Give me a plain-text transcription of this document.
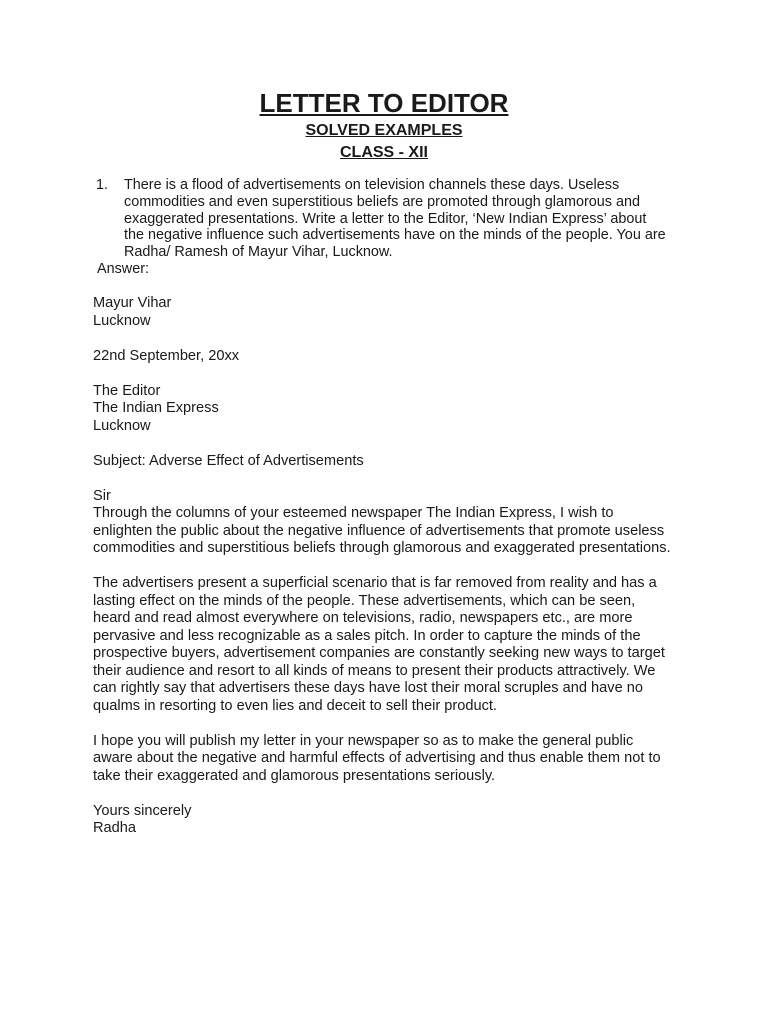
LETTER TO EDITOR

SOLVED EXAMPLES

CLASS - XII

1.	There is a flood of advertisements on television channels these days. Useless commodities and even superstitious beliefs are promoted through glamorous and exaggerated presentations. Write a letter to the Editor, ‘New Indian Express’ about the negative influence such advertisements have on the minds of the people. You are Radha/ Ramesh of Mayur Vihar, Lucknow.
Answer:
Mayur Vihar
Lucknow
22nd September, 20xx
The Editor
The Indian Express
Lucknow
Subject: Adverse Effect of Advertisements
Sir
Through the columns of your esteemed newspaper The Indian Express, I wish to enlighten the public about the negative influence of advertisements that promote useless commodities and superstitious beliefs through glamorous and exaggerated presentations.
The advertisers present a superficial scenario that is far removed from reality and has a lasting effect on the minds of the people. These advertisements, which can be seen, heard and read almost everywhere on televisions, radio, newspapers etc., are more pervasive and less recognizable as a sales pitch. In order to capture the minds of the prospective buyers, advertisement companies are constantly seeking new ways to target their audience and resort to all kinds of means to present their products attractively. We can rightly say that advertisers these days have lost their moral scruples and have no qualms in resorting to even lies and deceit to sell their product.
I hope you will publish my letter in your newspaper so as to make the general public aware about the negative and harmful effects of advertising and thus enable them not to take their exaggerated and glamorous presentations seriously.
Yours sincerely
Radha
